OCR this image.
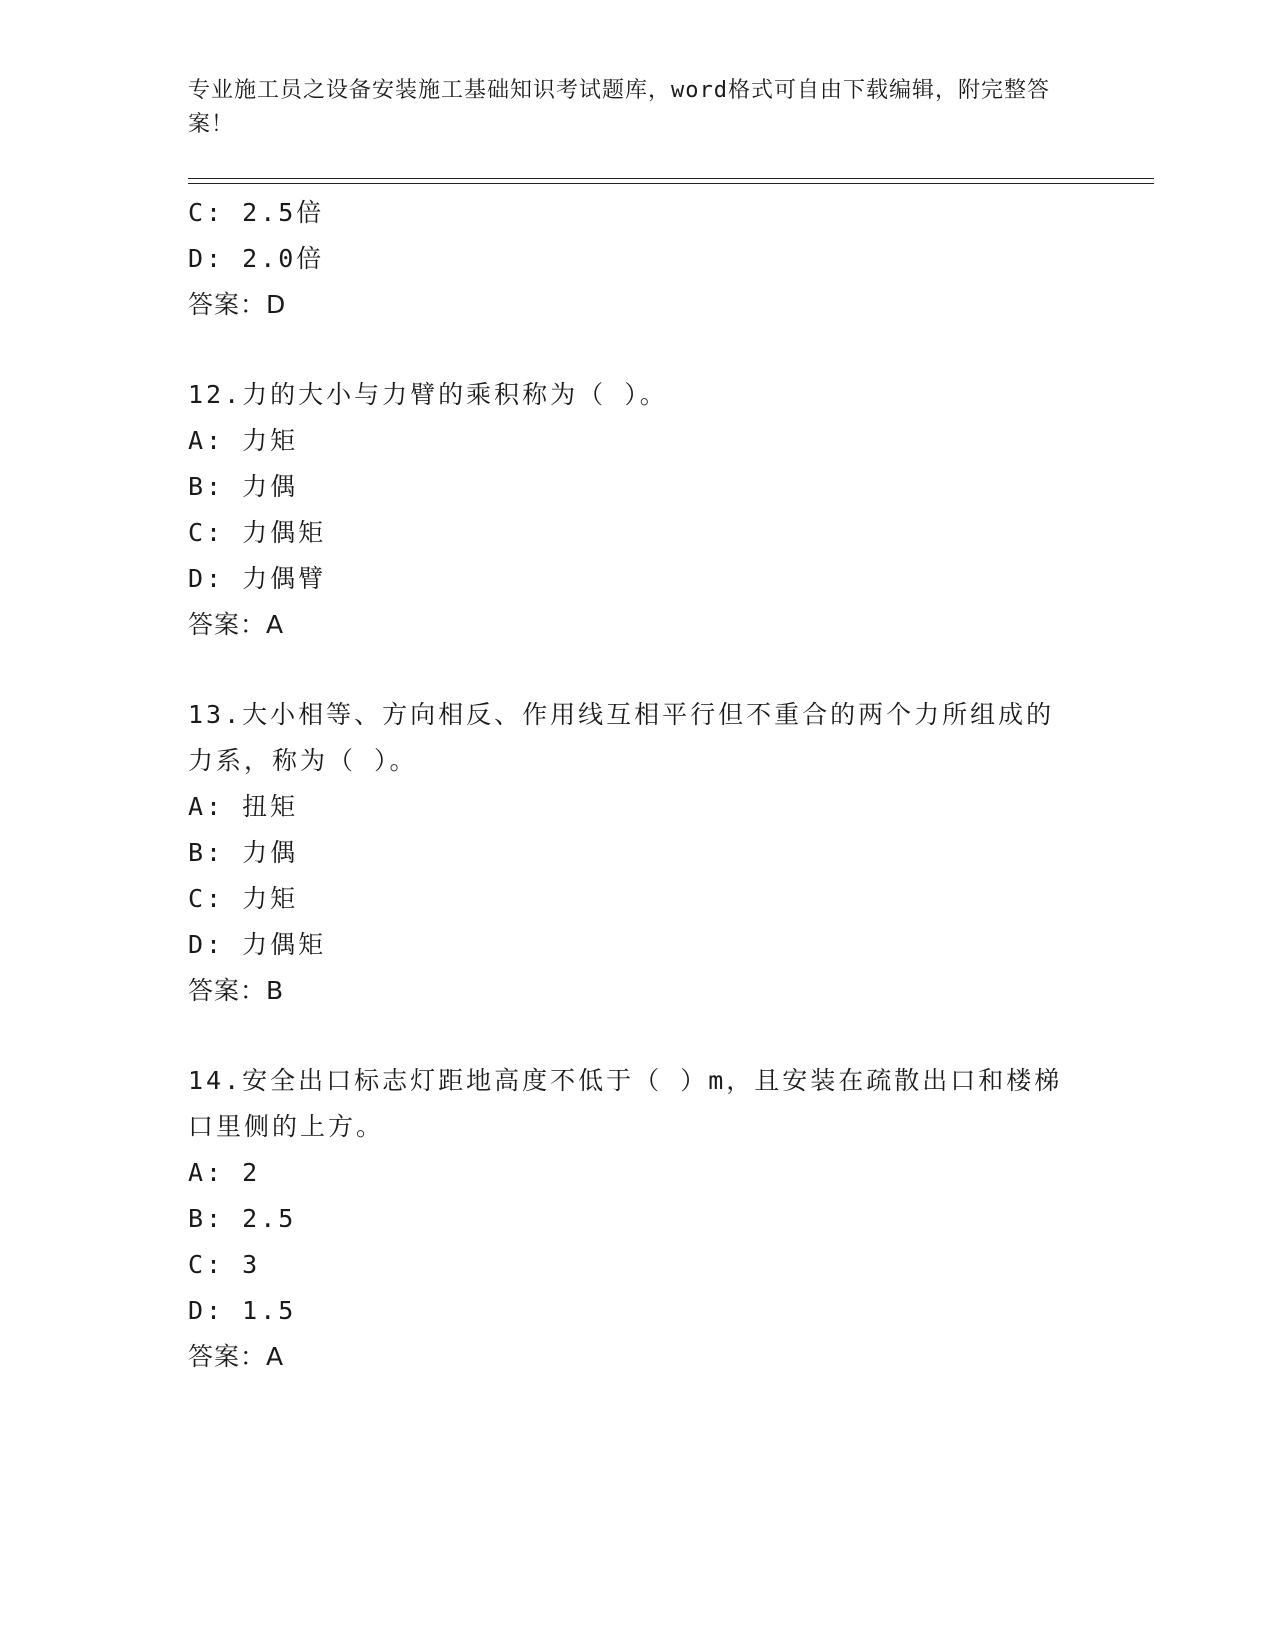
专业施工员之设备安装施工基础知识考试题库，word格式可自由下载编辑，附完整答案！
C: 2.5倍
D: 2.0倍
答案：D
12.力的大小与力臂的乘积称为（ ）。
A: 力矩
B: 力偶
C: 力偶矩
D: 力偶臂
答案：A
13.大小相等、方向相反、作用线互相平行但不重合的两个力所组成的力系，称为（ ）。
A: 扭矩
B: 力偶
C: 力矩
D: 力偶矩
答案：B
14.安全出口标志灯距地高度不低于（ ）m，且安装在疏散出口和楼梯口里侧的上方。
A: 2
B: 2.5
C: 3
D: 1.5
答案：A
